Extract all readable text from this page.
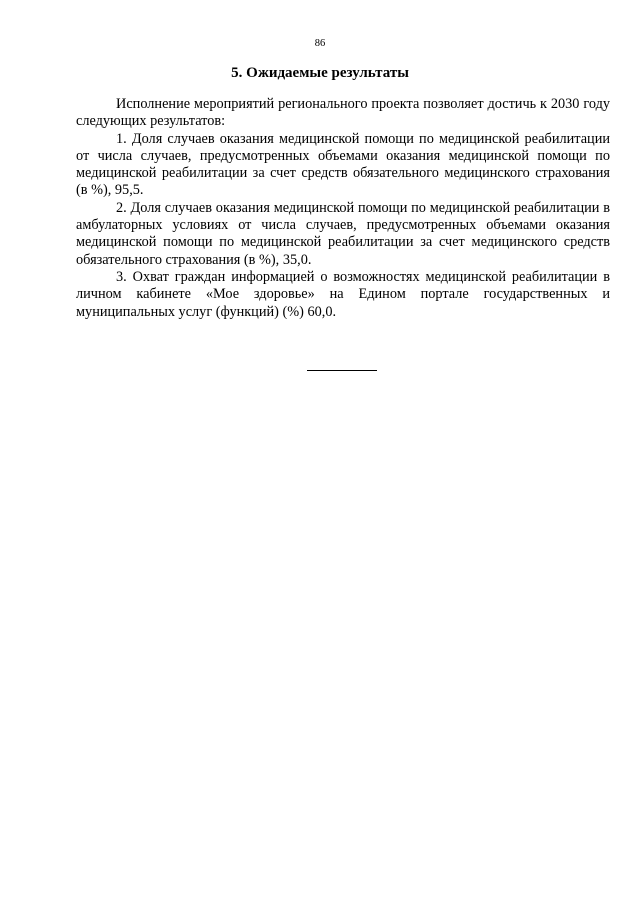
86
5. Ожидаемые результаты

Исполнение мероприятий регионального проекта позволяет достичь к 2030 году следующих результатов:

1. Доля случаев оказания медицинской помощи по медицинской реабилитации от числа случаев, предусмотренных объемами оказания медицинской помощи по медицинской реабилитации за счет средств обязательного медицинского страхования (в %), 95,5.

2. Доля случаев оказания медицинской помощи по медицинской реабилитации в амбулаторных условиях от числа случаев, предусмотренных объемами оказания медицинской помощи по медицинской реабилитации за счет медицинского средств обязательного страхования (в %), 35,0.

3. Охват граждан информацией о возможностях медицинской реабилитации в личном кабинете «Мое здоровье» на Едином портале государственных и муниципальных услуг (функций) (%) 60,0.
